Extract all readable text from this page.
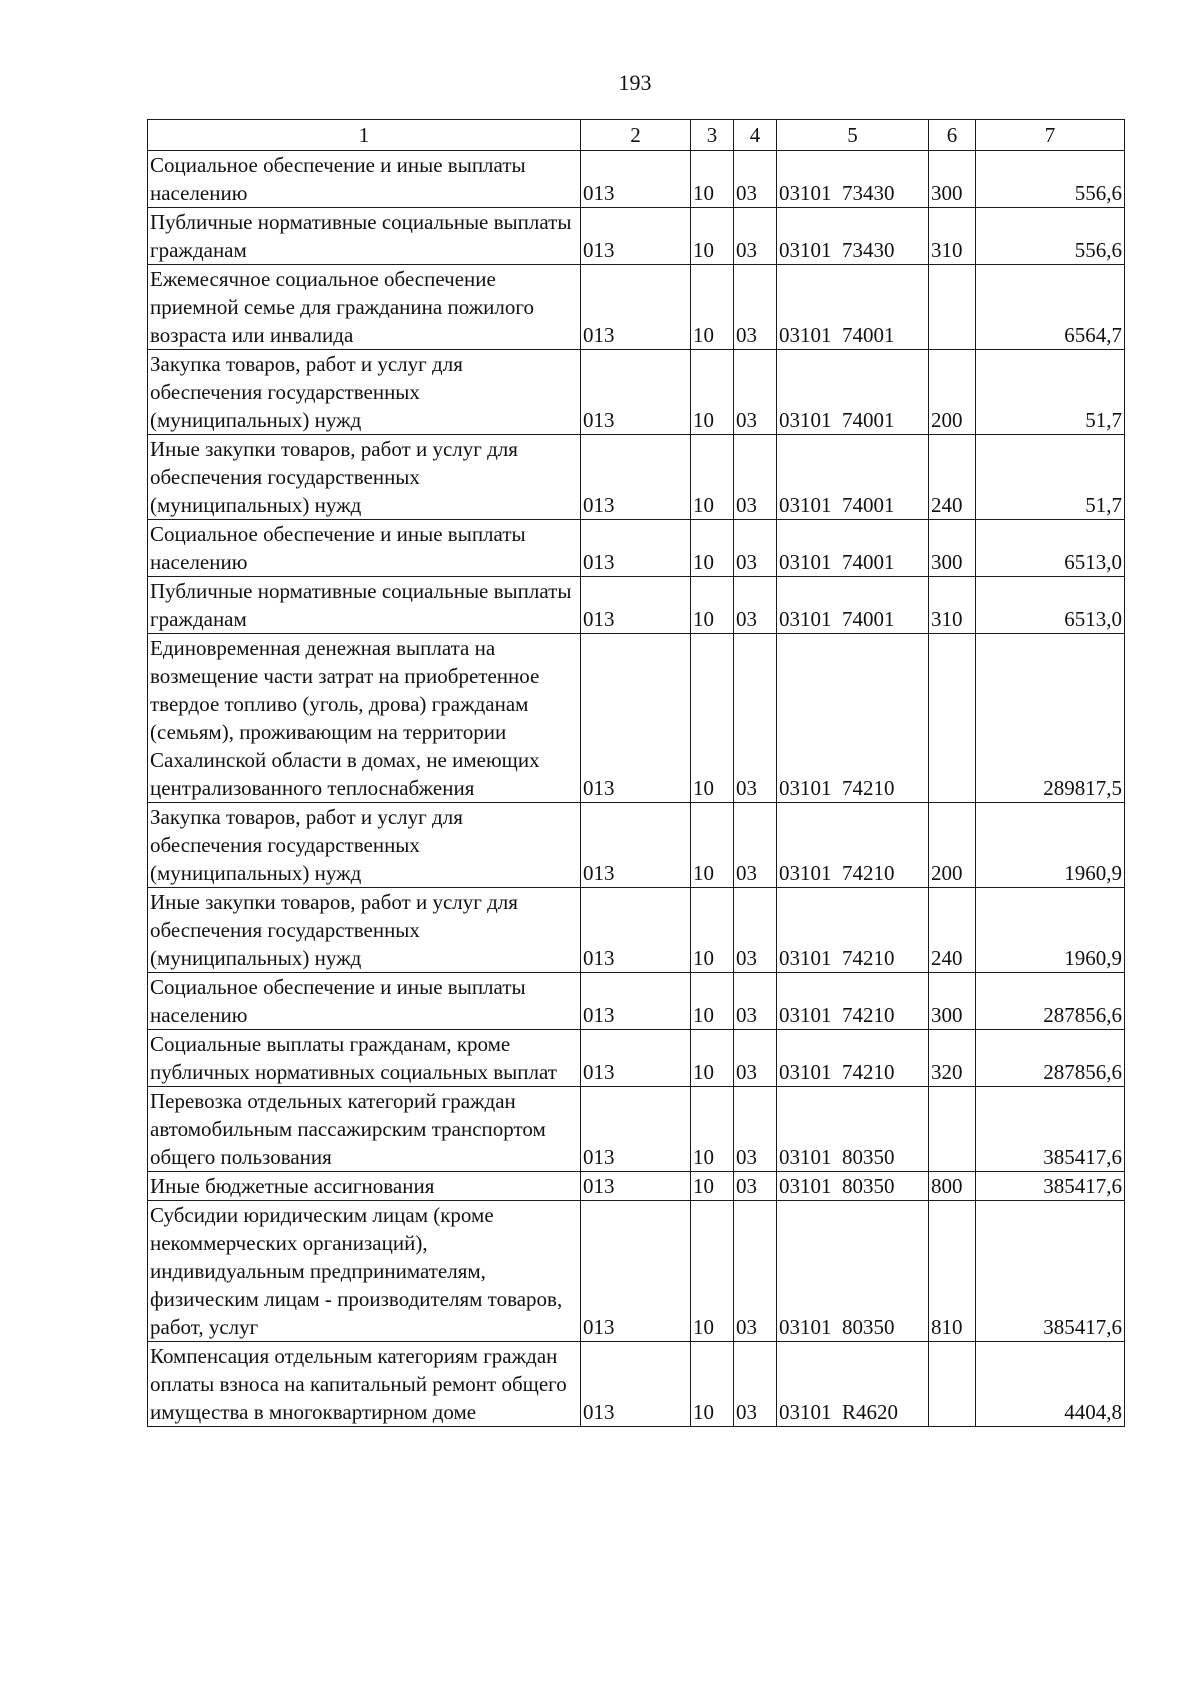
193
1	2	3	4	5	6	7
Социальное обеспечение и иные выплаты населению	013	10	03	03101  73430	300	556,6
Публичные нормативные социальные выплаты гражданам	013	10	03	03101  73430	310	556,6
Ежемесячное социальное обеспечение приемной семье для гражданина пожилого возраста или инвалида	013	10	03	03101  74001		6564,7
Закупка товаров, работ и услуг для обеспечения государственных (муниципальных) нужд	013	10	03	03101  74001	200	51,7
Иные закупки товаров, работ и услуг для обеспечения государственных (муниципальных) нужд	013	10	03	03101  74001	240	51,7
Социальное обеспечение и иные выплаты населению	013	10	03	03101  74001	300	6513,0
Публичные нормативные социальные выплаты гражданам	013	10	03	03101  74001	310	6513,0
Единовременная денежная выплата на возмещение части затрат на приобретенное твердое топливо (уголь, дрова) гражданам (семьям), проживающим на территории Сахалинской области в домах, не имеющих централизованного теплоснабжения	013	10	03	03101  74210		289817,5
Закупка товаров, работ и услуг для обеспечения государственных (муниципальных) нужд	013	10	03	03101  74210	200	1960,9
Иные закупки товаров, работ и услуг для обеспечения государственных (муниципальных) нужд	013	10	03	03101  74210	240	1960,9
Социальное обеспечение и иные выплаты населению	013	10	03	03101  74210	300	287856,6
Социальные выплаты гражданам, кроме публичных нормативных социальных выплат	013	10	03	03101  74210	320	287856,6
Перевозка отдельных категорий граждан автомобильным пассажирским транспортом общего пользования	013	10	03	03101  80350		385417,6
Иные бюджетные ассигнования	013	10	03	03101  80350	800	385417,6
Субсидии юридическим лицам (кроме некоммерческих организаций), индивидуальным предпринимателям, физическим лицам - производителям товаров, работ, услуг	013	10	03	03101  80350	810	385417,6
Компенсация отдельным категориям граждан оплаты взноса на капитальный ремонт общего имущества в многоквартирном доме	013	10	03	03101  R4620		4404,8
